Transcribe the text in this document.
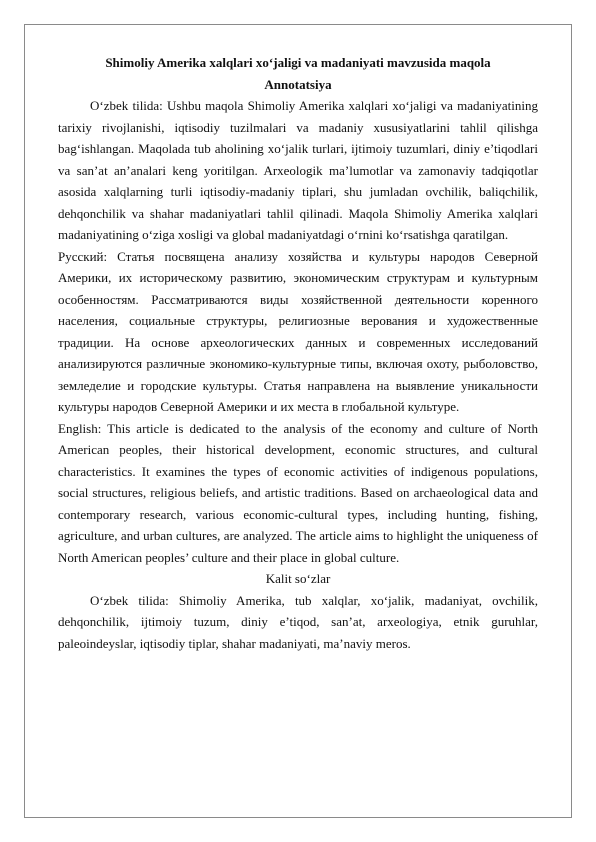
Shimoliy Amerika xalqlari xo‘jaligi va madaniyati mavzusida maqola

Annotatsiya

O‘zbek tilida: Ushbu maqola Shimoliy Amerika xalqlari xo‘jaligi va madaniyatining tarixiy rivojlanishi, iqtisodiy tuzilmalari va madaniy xususiyatlarini tahlil qilishga bag‘ishlangan. Maqolada tub aholining xo‘jalik turlari, ijtimoiy tuzumlari, diniy e’tiqodlari va san’at an’analari keng yoritilgan. Arxeologik ma’lumotlar va zamonaviy tadqiqotlar asosida xalqlarning turli iqtisodiy-madaniy tiplari, shu jumladan ovchilik, baliqchilik, dehqonchilik va shahar madaniyatlari tahlil qilinadi. Maqola Shimoliy Amerika xalqlari madaniyatining o‘ziga xosligi va global madaniyatdagi o‘rnini ko‘rsatishga qaratilgan.

Русский: Статья посвящена анализу хозяйства и культуры народов Северной Америки, их историческому развитию, экономическим структурам и культурным особенностям. Рассматриваются виды хозяйственной деятельности коренного населения, социальные структуры, религиозные верования и художественные традиции. На основе археологических данных и современных исследований анализируются различные экономико-культурные типы, включая охоту, рыболовство, земледелие и городские культуры. Статья направлена на выявление уникальности культуры народов Северной Америки и их места в глобальной культуре.

English: This article is dedicated to the analysis of the economy and culture of North American peoples, their historical development, economic structures, and cultural characteristics. It examines the types of economic activities of indigenous populations, social structures, religious beliefs, and artistic traditions. Based on archaeological data and contemporary research, various economic-cultural types, including hunting, fishing, agriculture, and urban cultures, are analyzed. The article aims to highlight the uniqueness of North American peoples’ culture and their place in global culture.

Kalit so‘zlar

O‘zbek tilida: Shimoliy Amerika, tub xalqlar, xo‘jalik, madaniyat, ovchilik, dehqonchilik, ijtimoiy tuzum, diniy e’tiqod, san’at, arxeologiya, etnik guruhlar, paleoindeyslar, iqtisodiy tiplar, shahar madaniyati, ma’naviy meros.
